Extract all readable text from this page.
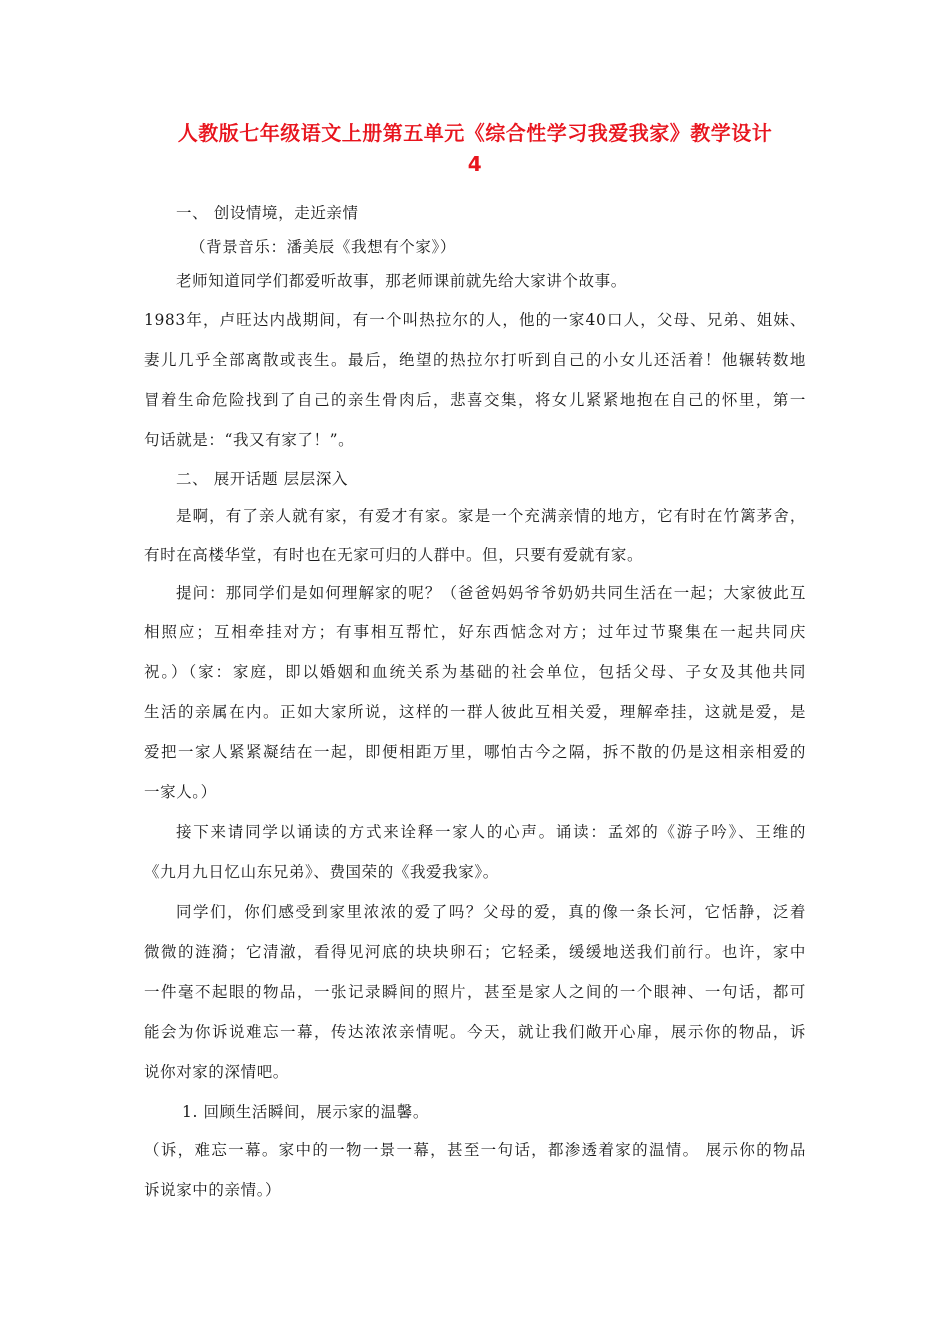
人教版七年级语文上册第五单元《综合性学习我爱我家》教学设计
4
一、 创设情境，走近亲情
（背景音乐：潘美辰《我想有个家》）
老师知道同学们都爱听故事，那老师课前就先给大家讲个故事。
1983年，卢旺达内战期间，有一个叫热拉尔的人，他的一家40口人，父母、兄弟、姐妹、
妻儿几乎全部离散或丧生。最后，绝望的热拉尔打听到自己的小女儿还活着！他辗转数地
冒着生命危险找到了自己的亲生骨肉后，悲喜交集，将女儿紧紧地抱在自己的怀里，第一
句话就是：“我又有家了！”。
二、 展开话题 层层深入
是啊，有了亲人就有家，有爱才有家。家是一个充满亲情的地方，它有时在竹篱茅舍，
有时在高楼华堂，有时也在无家可归的人群中。但，只要有爱就有家。
提问：那同学们是如何理解家的呢？（爸爸妈妈爷爷奶奶共同生活在一起；大家彼此互
相照应；互相牵挂对方；有事相互帮忙，好东西惦念对方；过年过节聚集在一起共同庆
祝。）（家：家庭，即以婚姻和血统关系为基础的社会单位，包括父母、子女及其他共同
生活的亲属在内。正如大家所说，这样的一群人彼此互相关爱，理解牵挂，这就是爱，是
爱把一家人紧紧凝结在一起，即便相距万里，哪怕古今之隔，拆不散的仍是这相亲相爱的
一家人。）
接下来请同学以诵读的方式来诠释一家人的心声。诵读：孟郊的《游子吟》、王维的
《九月九日忆山东兄弟》、费国荣的《我爱我家》。
同学们，你们感受到家里浓浓的爱了吗？父母的爱，真的像一条长河，它恬静，泛着
微微的涟漪；它清澈，看得见河底的块块卵石；它轻柔，缓缓地送我们前行。也许，家中
一件毫不起眼的物品，一张记录瞬间的照片，甚至是家人之间的一个眼神、一句话，都可
能会为你诉说难忘一幕，传达浓浓亲情呢。今天，就让我们敞开心扉，展示你的物品，诉
说你对家的深情吧。
1. 回顾生活瞬间，展示家的温馨。
（诉，难忘一幕。家中的一物一景一幕，甚至一句话，都渗透着家的温情。 展示你的物品
诉说家中的亲情。）
